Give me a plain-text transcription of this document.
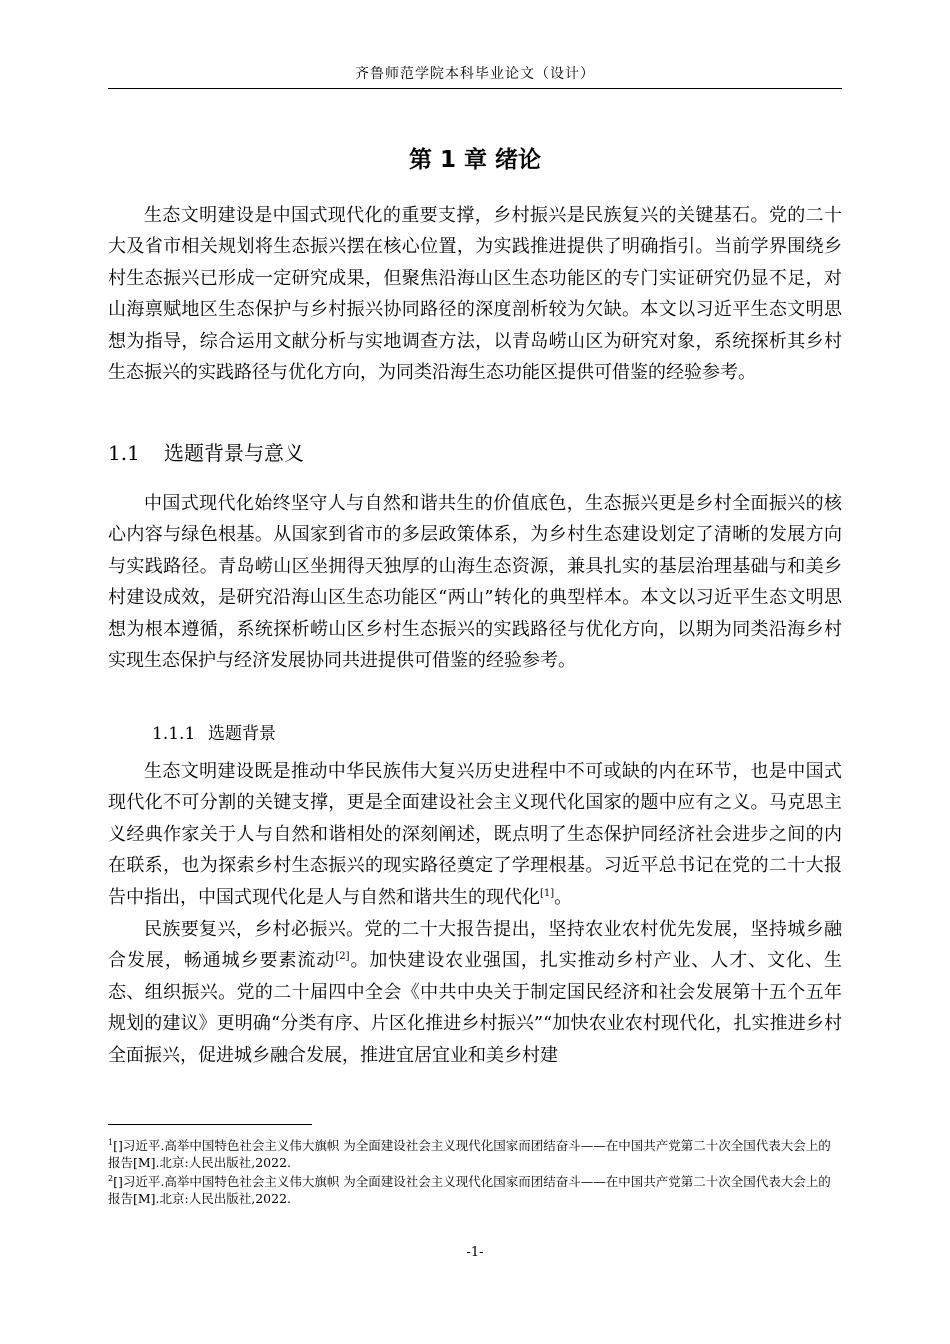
齐鲁师范学院本科毕业论文（设计）
第 1 章 绪论

生态文明建设是中国式现代化的重要支撑，乡村振兴是民族复兴的关键基石。党的二十大及省市相关规划将生态振兴摆在核心位置，为实践推进提供了明确指引。当前学界围绕乡村生态振兴已形成一定研究成果，但聚焦沿海山区生态功能区的专门实证研究仍显不足，对山海禀赋地区生态保护与乡村振兴协同路径的深度剖析较为欠缺。本文以习近平生态文明思想为指导，综合运用文献分析与实地调查方法，以青岛崂山区为研究对象，系统探析其乡村生态振兴的实践路径与优化方向，为同类沿海生态功能区提供可借鉴的经验参考。

1.1 选题背景与意义

中国式现代化始终坚守人与自然和谐共生的价值底色，生态振兴更是乡村全面振兴的核心内容与绿色根基。从国家到省市的多层政策体系，为乡村生态建设划定了清晰的发展方向与实践路径。青岛崂山区坐拥得天独厚的山海生态资源，兼具扎实的基层治理基础与和美乡村建设成效，是研究沿海山区生态功能区“两山”转化的典型样本。本文以习近平生态文明思想为根本遵循，系统探析崂山区乡村生态振兴的实践路径与优化方向，以期为同类沿海乡村实现生态保护与经济发展协同共进提供可借鉴的经验参考。

1.1.1 选题背景

生态文明建设既是推动中华民族伟大复兴历史进程中不可或缺的内在环节，也是中国式现代化不可分割的关键支撑，更是全面建设社会主义现代化国家的题中应有之义。马克思主义经典作家关于人与自然和谐相处的深刻阐述，既点明了生态保护同经济社会进步之间的内在联系，也为探索乡村生态振兴的现实路径奠定了学理根基。习近平总书记在党的二十大报告中指出，中国式现代化是人与自然和谐共生的现代化[1]。

民族要复兴，乡村必振兴。党的二十大报告提出，坚持农业农村优先发展，坚持城乡融合发展，畅通城乡要素流动[2]。加快建设农业强国，扎实推动乡村产业、人才、文化、生态、组织振兴。党的二十届四中全会《中共中央关于制定国民经济和社会发展第十五个五年规划的建议》更明确“分类有序、片区化推进乡村振兴”“加快农业农村现代化，扎实推进乡村全面振兴，促进城乡融合发展，推进宜居宜业和美乡村建

$^1$[]习近平.高举中国特色社会主义伟大旗帜 为全面建设社会主义现代化国家而团结奋斗——在中国共产党第二十次全国代表大会上的报告[M].北京:人民出版社,2022.

$^2$[]习近平.高举中国特色社会主义伟大旗帜 为全面建设社会主义现代化国家而团结奋斗——在中国共产党第二十次全国代表大会上的报告[M].北京:人民出版社,2022.

-1-
